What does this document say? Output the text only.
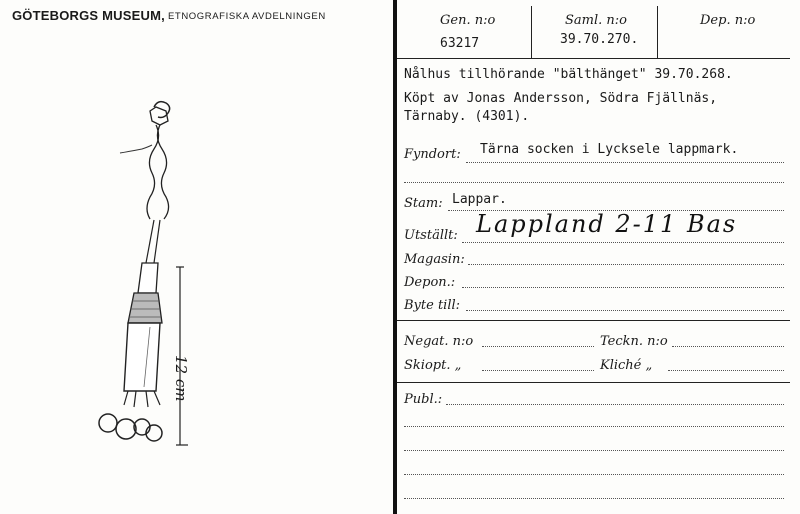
GÖTEBORGS MUSEUM, ETNOGRAFISKA AVDELNINGEN
12 cm
Gen. n:o
63217
Saml. n:o
39.70.270.
Dep. n:o
Nålhus tillhörande "bälthänget" 39.70.268.
Köpt av Jonas Andersson, Södra Fjällnäs,
Tärnaby. (4301).
Fyndort: Tärna socken i Lycksele lappmark.
Stam: Lappar.
Utställt: Lappland 2-11 Bas
Magasin:
Depon.:
Byte till:
Negat. n:o	Teckn. n:o
Skiopt. „	Kliché „
Publ.:
